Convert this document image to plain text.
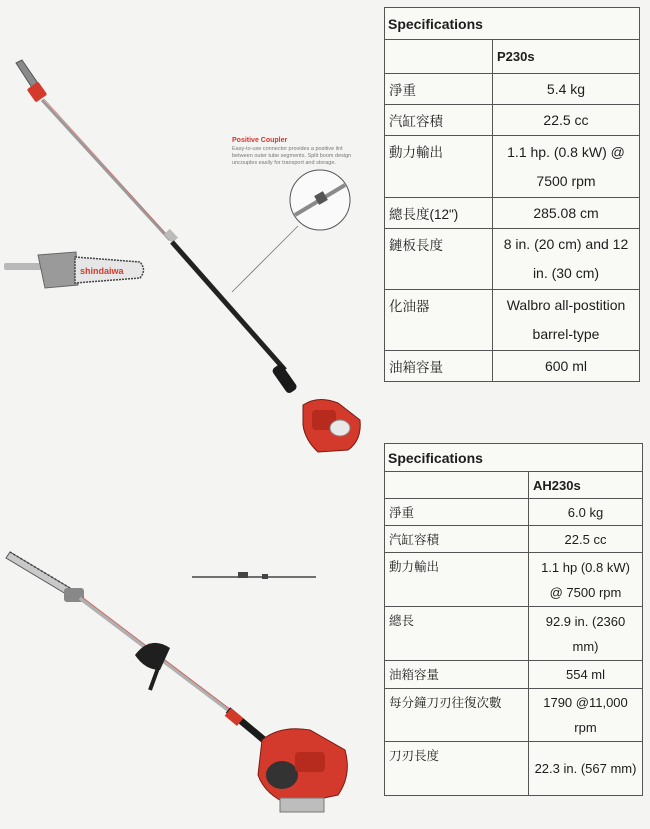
shindaiwa
Positive Coupler
Easy-to-use connector provides a positive lint between outer tube segments. Split boom design uncouples easily for transport and storage.
Specifications	
	P230s
淨重	5.4 kg
汽缸容積	22.5 cc
動力輸出	1.1 hp. (0.8 kW) @ 7500 rpm
總長度(12")	285.08 cm
鏈板長度	8 in. (20 cm) and 12 in. (30 cm)
化油器	Walbro all-postition barrel-type
油箱容量	600 ml
Specifications	
	AH230s
淨重	6.0 kg
汽缸容積	22.5 cc
動力輸出	1.1 hp (0.8 kW) @ 7500 rpm
總長	92.9 in. (2360 mm)
油箱容量	554 ml
每分鐘刀刃往復次數	1790 @11,000 rpm
刀刃長度	22.3 in. (567 mm)
